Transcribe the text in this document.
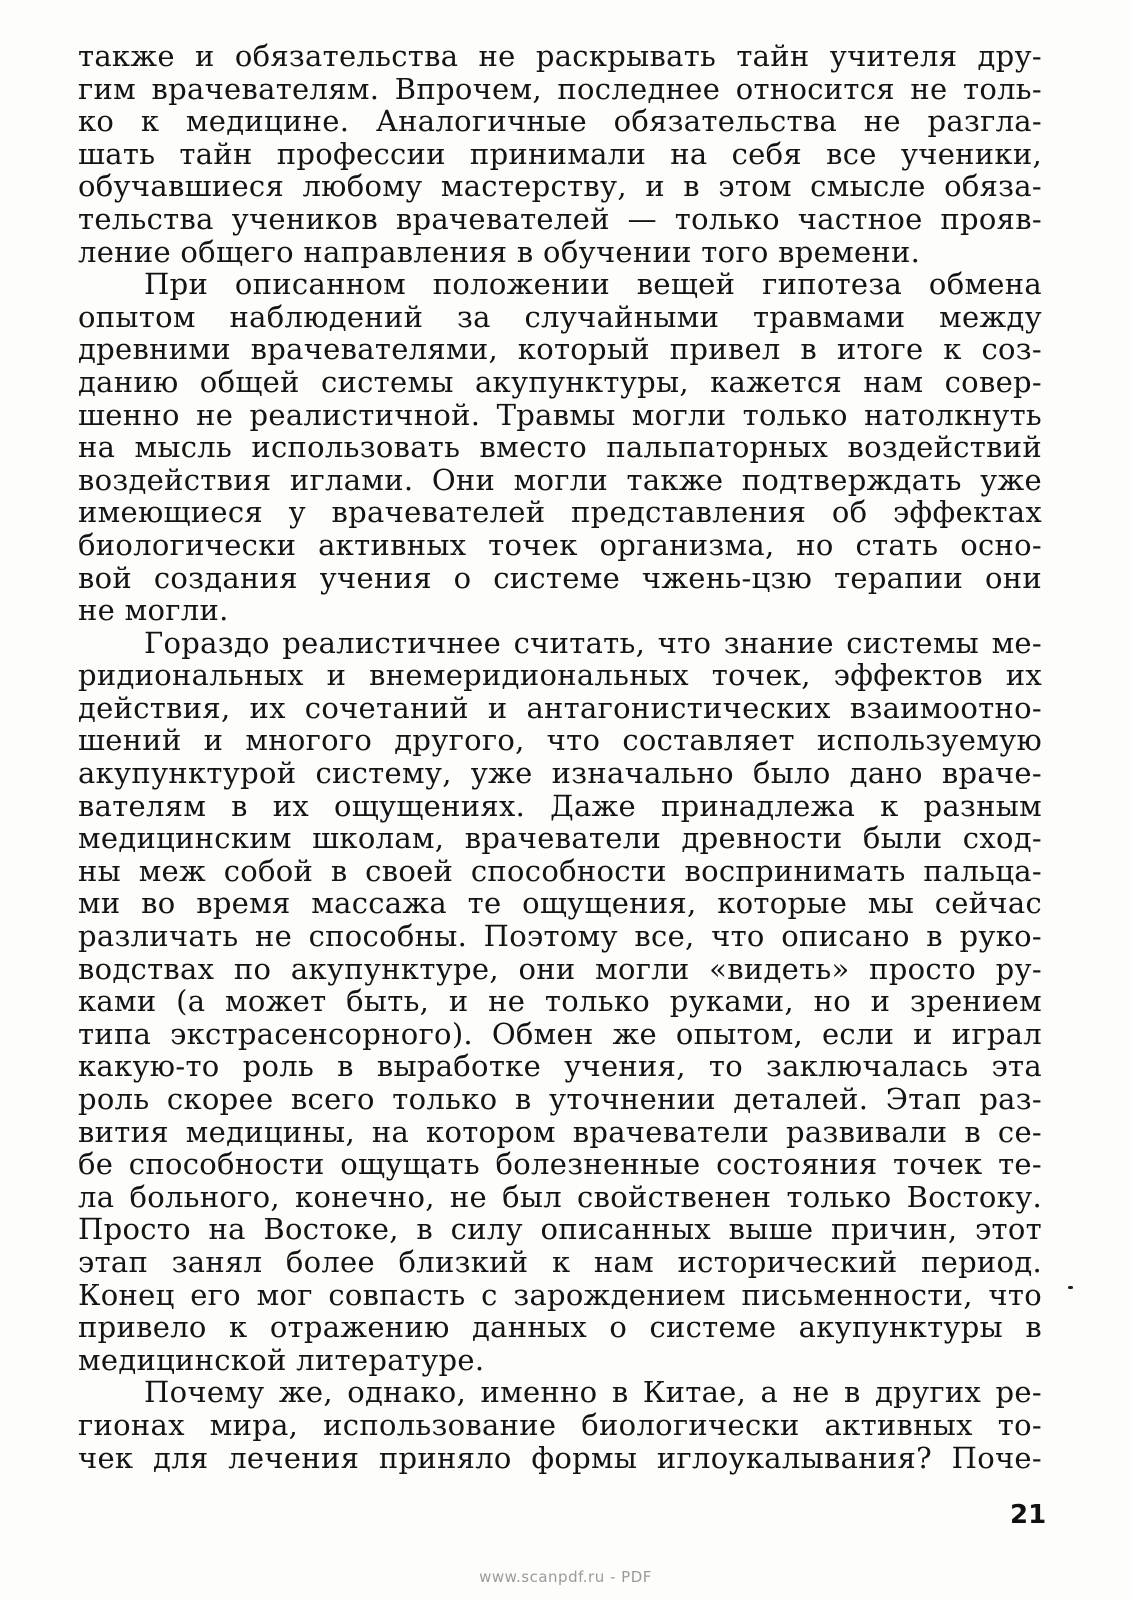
также и обязательства не раскрывать тайн учителя дру-
гим врачевателям. Впрочем, последнее относится не толь-
ко к медицине. Аналогичные обязательства не разгла-
шать тайн профессии принимали на себя все ученики,
обучавшиеся любому мастерству, и в этом смысле обяза-
тельства учеников врачевателей — только частное прояв-
ление общего направления в обучении того времени.
При описанном положении вещей гипотеза обмена
опытом наблюдений за случайными травмами между
древними врачевателями, который привел в итоге к соз-
данию общей системы акупунктуры, кажется нам совер-
шенно не реалистичной. Травмы могли только натолкнуть
на мысль использовать вместо пальпаторных воздействий
воздействия иглами. Они могли также подтверждать уже
имеющиеся у врачевателей представления об эффектах
биологически активных точек организма, но стать осно-
вой создания учения о системе чжень-цзю терапии они
не могли.
Гораздо реалистичнее считать, что знание системы ме-
ридиональных и внемеридиональных точек, эффектов их
действия, их сочетаний и антагонистических взаимоотно-
шений и многого другого, что составляет используемую
акупунктурой систему, уже изначально было дано враче-
вателям в их ощущениях. Даже принадлежа к разным
медицинским школам, врачеватели древности были сход-
ны меж собой в своей способности воспринимать пальца-
ми во время массажа те ощущения, которые мы сейчас
различать не способны. Поэтому все, что описано в руко-
водствах по акупунктуре, они могли «видеть» просто ру-
ками (а может быть, и не только руками, но и зрением
типа экстрасенсорного). Обмен же опытом, если и играл
какую-то роль в выработке учения, то заключалась эта
роль скорее всего только в уточнении деталей. Этап раз-
вития медицины, на котором врачеватели развивали в се-
бе способности ощущать болезненные состояния точек те-
ла больного, конечно, не был свойственен только Востоку.
Просто на Востоке, в силу описанных выше причин, этот
этап занял более близкий к нам исторический период.
Конец его мог совпасть с зарождением письменности, что
привело к отражению данных о системе акупунктуры в
медицинской литературе.
Почему же, однако, именно в Китае, а не в других ре-
гионах мира, использование биологически активных то-
чек для лечения приняло формы иглоукалывания? Поче-
21
www.scanpdf.ru - PDF
